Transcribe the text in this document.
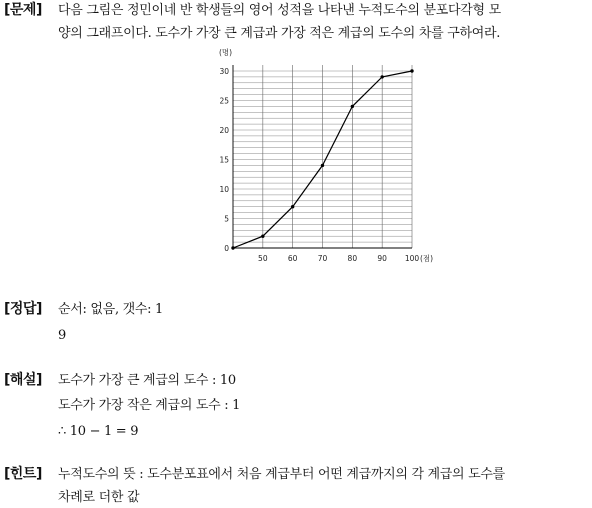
[문제] 다음 그림은 정민이네 반 학생들의 영어 성적을 나타낸 누적도수의 분포다각형 모
양의 그래프이다. 도수가 가장 큰 계급과 가장 적은 계급의 도수의 차를 구하여라.
0
5
10
15
20
25
30
(명)
50	60	70	80	90 100 (점)
[정답] 순서: 없음, 갯수: 1
9
[해설] 도수가 가장 큰 계급의 도수 : 10
도수가 가장 작은 계급의 도수 : 1
∴ 10 − 1 = 9
[힌트] 누적도수의 뜻 : 도수분포표에서 처음 계급부터 어떤 계급까지의 각 계급의 도수를
차례로 더한 값
